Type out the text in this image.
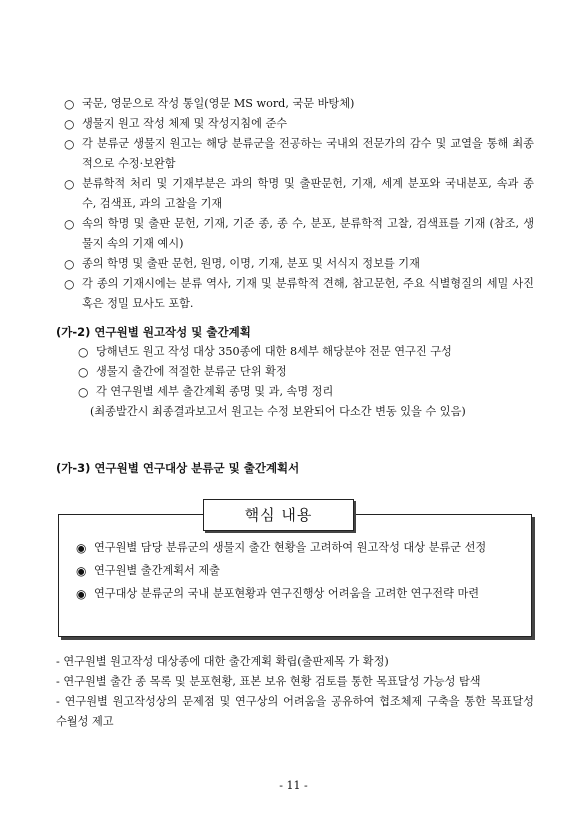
○ 국문, 영문으로 작성 통일(영문 MS word, 국문 바탕체)
○ 생물지 원고 작성 체제 및 작성지침에 준수
○ 각 분류군 생물지 원고는 해당 분류군을 전공하는 국내외 전문가의 감수 및 교열을 통해 최종적으로 수정·보완함
○ 분류학적 처리 및 기재부분은 과의 학명 및 출판문헌, 기재, 세계 분포와 국내분포, 속과 종 수, 검색표, 과의 고찰을 기재
○ 속의 학명 및 출판 문헌, 기재, 기준 종, 종 수, 분포, 분류학적 고찰, 검색표를 기재 (참조, 생물지 속의 기재 예시)
○ 종의 학명 및 출판 문헌, 원명, 이명, 기재, 분포 및 서식지 정보를 기재
○ 각 종의 기재시에는 분류 역사, 기재 및 분류학적 견해, 참고문헌, 주요 식별형질의 세밀 사진 혹은 정밀 묘사도 포함.
(가-2) 연구원별 원고작성 및 출간계획
○ 당해년도 원고 작성 대상 350종에 대한 8세부 해당분야 전문 연구진 구성
○ 생물지 출간에 적절한 분류군 단위 확정
○ 각 연구원별 세부 출간계획 종명 및 과, 속명 정리
(최종발간시 최종결과보고서 원고는 수정 보완되어 다소간 변동 있을 수 있음)
(가-3) 연구원별 연구대상 분류군 및 출간계획서
핵심 내용
◉ 연구원별 담당 분류군의 생물지 출간 현황을 고려하여 원고작성 대상 분류군 선정
◉ 연구원별 출간계획서 제출
◉ 연구대상 분류군의 국내 분포현황과 연구진행상 어려움을 고려한 연구전략 마련
- 연구원별 원고작성 대상종에 대한 출간계획 확립(출판제목 가 확정)
- 연구원별 출간 종 목록 및 분포현황, 표본 보유 현황 검토를 통한 목표달성 가능성 탐색
- 연구원별 원고작성상의 문제점 및 연구상의 어려움을 공유하여 협조체제 구축을 통한 목표달성 수월성 제고
- 11 -
